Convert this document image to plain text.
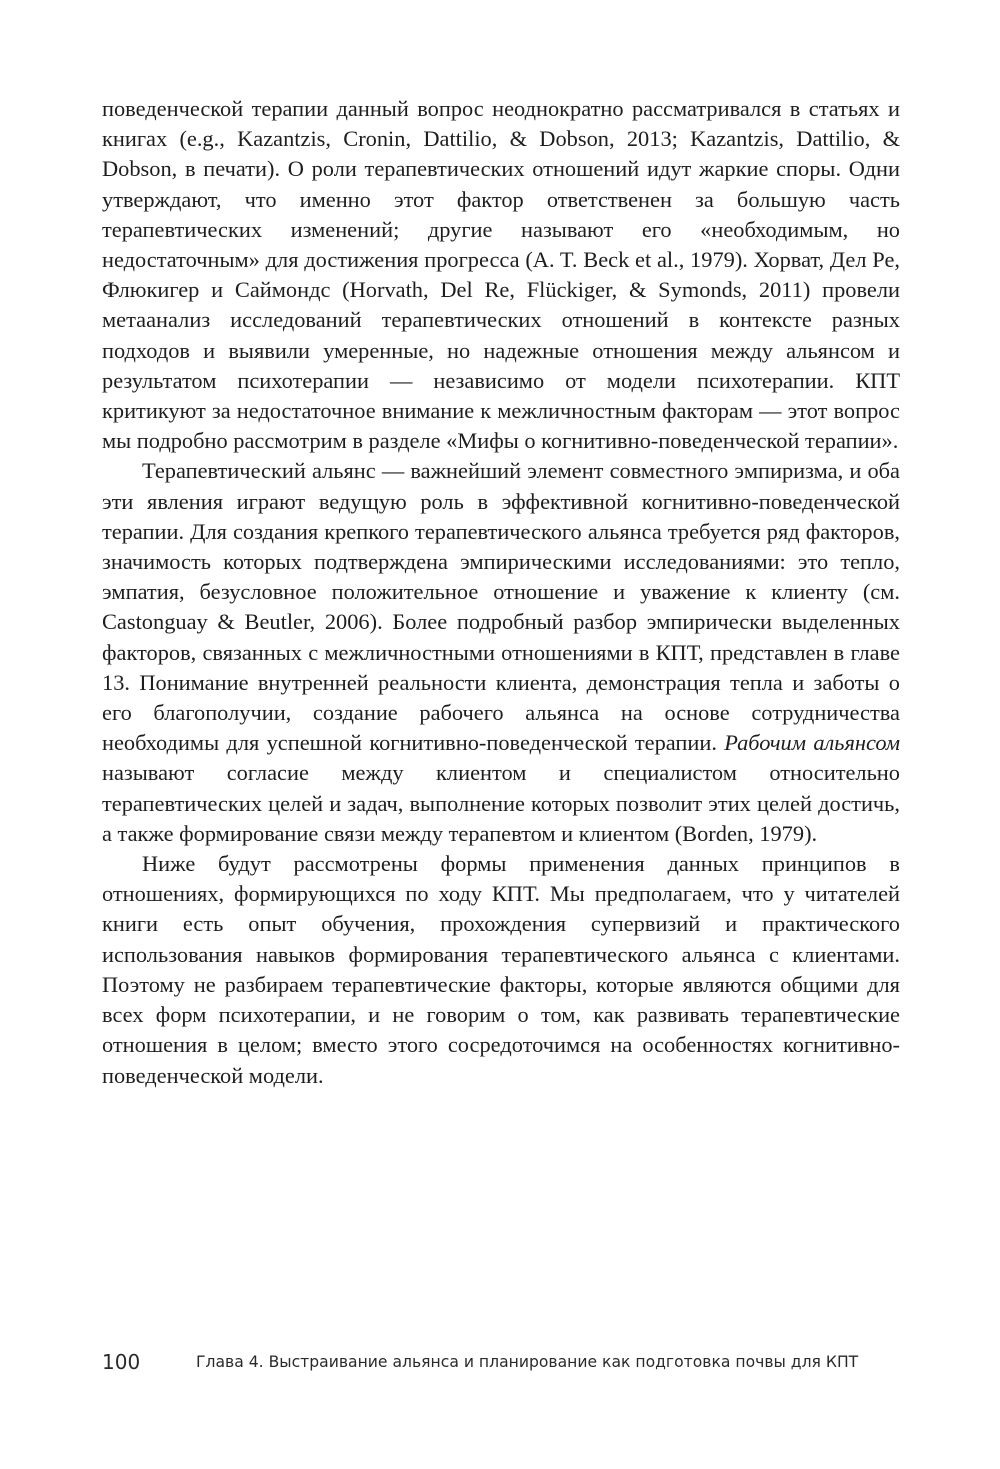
поведенческой терапии данный вопрос неоднократно рассматривался в статьях и книгах (e.g., Kazantzis, Cronin, Dattilio, & Dobson, 2013; Kazantzis, Dattilio, & Dobson, в печати). О роли терапевтических отношений идут жаркие споры. Одни утверждают, что именно этот фактор ответственен за большую часть терапевтических изменений; другие называют его «необходимым, но недостаточным» для достижения прогресса (A. T. Beck et al., 1979). Хорват, Дел Ре, Флюкигер и Саймондс (Horvath, Del Re, Flückiger, & Symonds, 2011) провели метаанализ исследований терапевтических отношений в контексте разных подходов и выявили умеренные, но надежные отношения между альянсом и результатом психотерапии — независимо от модели психотерапии. КПТ критикуют за недостаточное внимание к межличностным факторам — этот вопрос мы подробно рассмотрим в разделе «Мифы о когнитивно-поведенческой терапии».

Терапевтический альянс — важнейший элемент совместного эмпиризма, и оба эти явления играют ведущую роль в эффективной когнитивно-поведенческой терапии. Для создания крепкого терапевтического альянса требуется ряд факторов, значимость которых подтверждена эмпирическими исследованиями: это тепло, эмпатия, безусловное положительное отношение и уважение к клиенту (см. Castonguay & Beutler, 2006). Более подробный разбор эмпирически выделенных факторов, связанных с межличностными отношениями в КПТ, представлен в главе 13. Понимание внутренней реальности клиента, демонстрация тепла и заботы о его благополучии, создание рабочего альянса на основе сотрудничества необходимы для успешной когнитивно-поведенческой терапии. Рабочим альянсом называют согласие между клиентом и специалистом относительно терапевтических целей и задач, выполнение которых позволит этих целей достичь, а также формирование связи между терапевтом и клиентом (Borden, 1979).

Ниже будут рассмотрены формы применения данных принципов в отношениях, формирующихся по ходу КПТ. Мы предполагаем, что у читателей книги есть опыт обучения, прохождения супервизий и практического использования навыков формирования терапевтического альянса с клиентами. Поэтому не разбираем терапевтические факторы, которые являются общими для всех форм психотерапии, и не говорим о том, как развивать терапевтические отношения в целом; вместо этого сосредоточимся на особенностях когнитивно-поведенческой модели.

100	Глава 4. Выстраивание альянса и планирование как подготовка почвы для КПТ
